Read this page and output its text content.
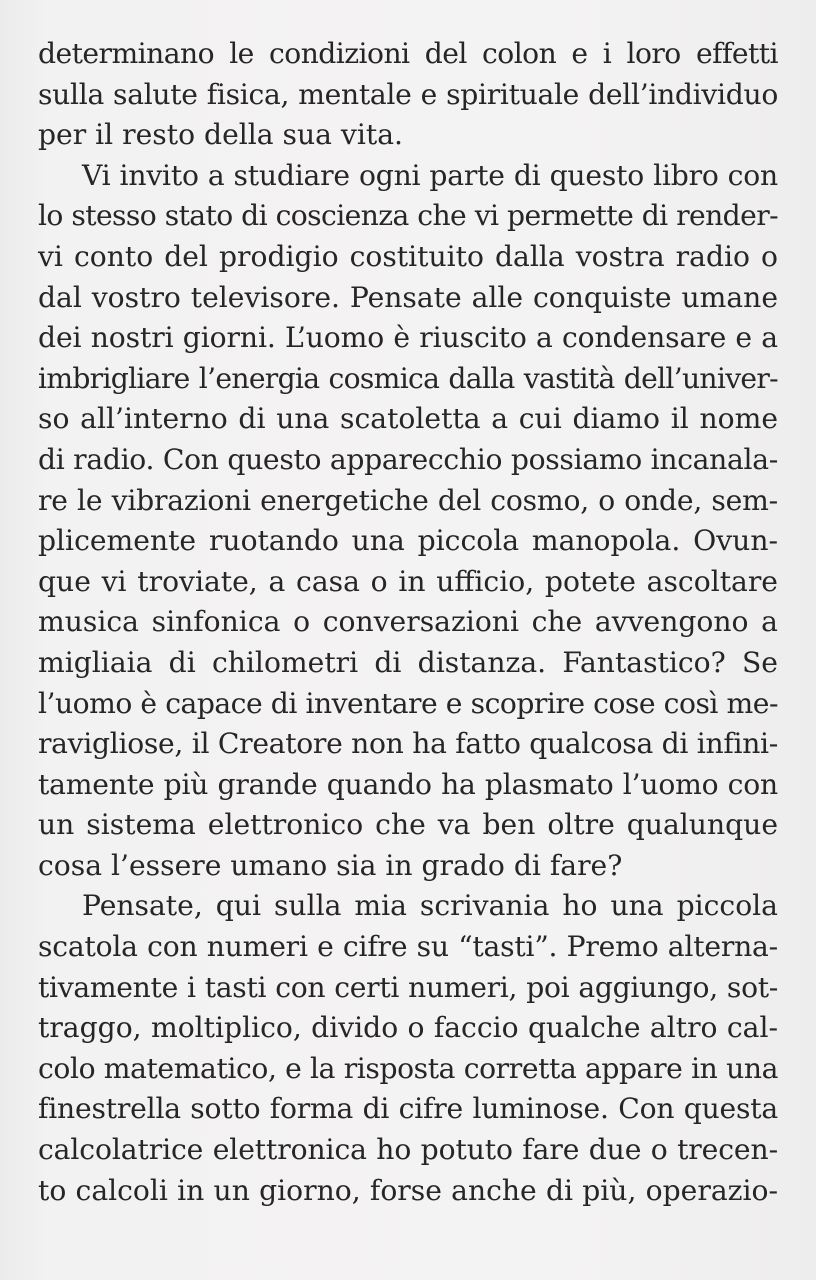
determinano le condizioni del colon e i loro effetti
sulla salute fisica, mentale e spirituale dell’individuo
per il resto della sua vita.
Vi invito a studiare ogni parte di questo libro con
lo stesso stato di coscienza che vi permette di render-
vi conto del prodigio costituito dalla vostra radio o
dal vostro televisore. Pensate alle conquiste umane
dei nostri giorni. L’uomo è riuscito a condensare e a
imbrigliare l’energia cosmica dalla vastità dell’univer-
so all’interno di una scatoletta a cui diamo il nome
di radio. Con questo apparecchio possiamo incanala-
re le vibrazioni energetiche del cosmo, o onde, sem-
plicemente ruotando una piccola manopola. Ovun-
que vi troviate, a casa o in ufficio, potete ascoltare
musica sinfonica o conversazioni che avvengono a
migliaia di chilometri di distanza. Fantastico? Se
l’uomo è capace di inventare e scoprire cose così me-
ravigliose, il Creatore non ha fatto qualcosa di infini-
tamente più grande quando ha plasmato l’uomo con
un sistema elettronico che va ben oltre qualunque
cosa l’essere umano sia in grado di fare?
Pensate, qui sulla mia scrivania ho una piccola
scatola con numeri e cifre su “tasti”. Premo alterna-
tivamente i tasti con certi numeri, poi aggiungo, sot-
traggo, moltiplico, divido o faccio qualche altro cal-
colo matematico, e la risposta corretta appare in una
finestrella sotto forma di cifre luminose. Con questa
calcolatrice elettronica ho potuto fare due o trecen-
to calcoli in un giorno, forse anche di più, operazio-
